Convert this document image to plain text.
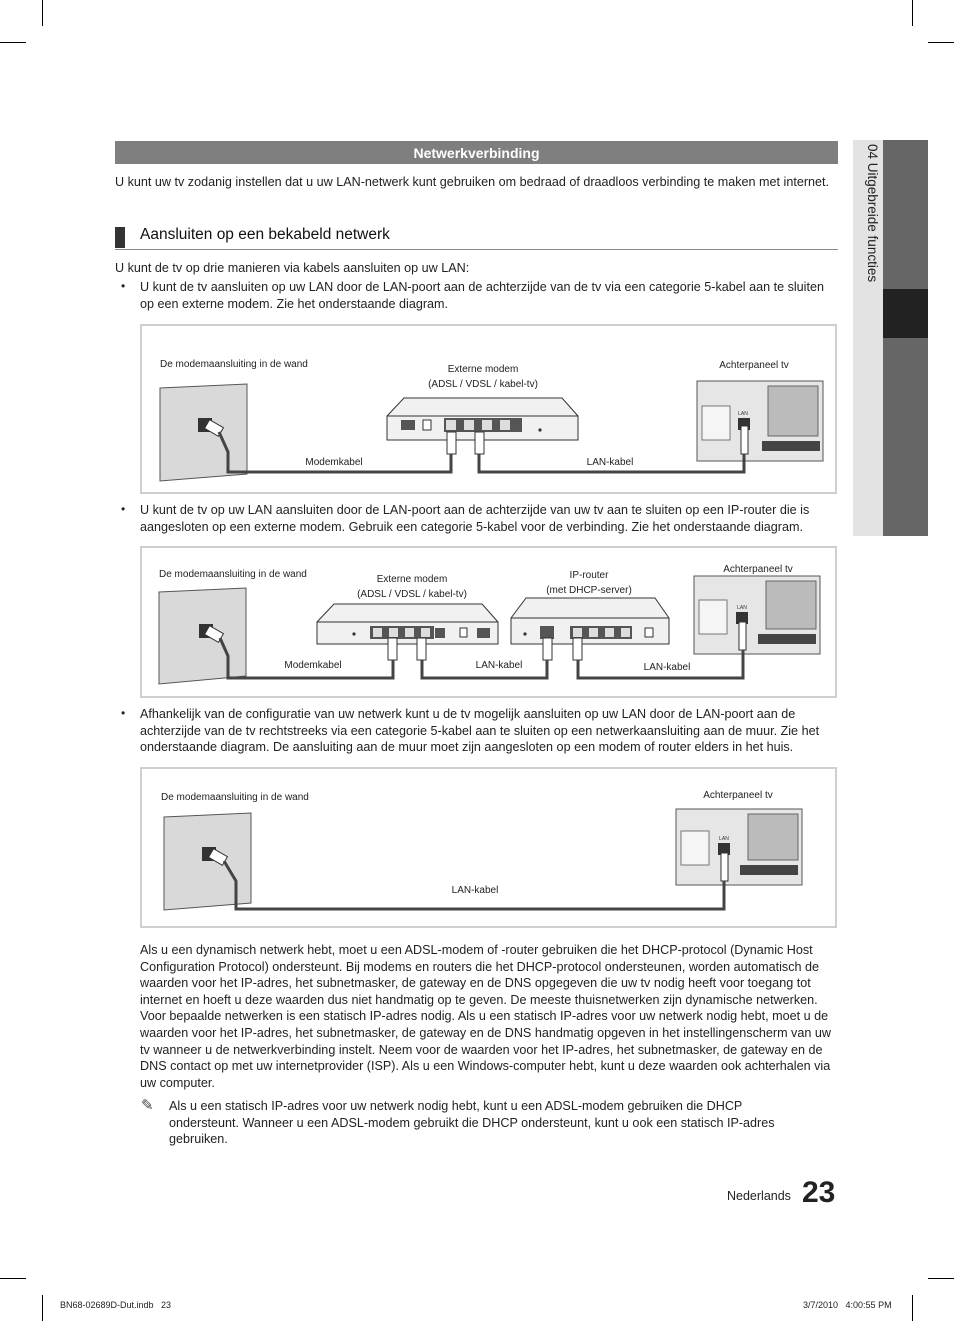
04 Uitgebreide functies
Netwerkverbinding
U kunt uw tv zodanig instellen dat u uw LAN-netwerk kunt gebruiken om bedraad of draadloos verbinding te maken met internet.
Aansluiten op een bekabeld netwerk
U kunt de tv op drie manieren via kabels aansluiten op uw LAN:
• U kunt de tv aansluiten op uw LAN door de LAN-poort aan de achterzijde van de tv via een categorie 5-kabel aan te sluiten op een externe modem. Zie het onderstaande diagram.
De modemaansluiting in de wand	Externe modem
(ADSL / VDSL / kabel-tv)
Achterpaneel tv
Modemkabel	LAN-kabel
LAN
• U kunt de tv op uw LAN aansluiten door de LAN-poort aan de achterzijde van uw tv aan te sluiten op een IP-router die is aangesloten op een externe modem. Gebruik een categorie 5-kabel voor de verbinding. Zie het onderstaande diagram.
De modemaansluiting in de wand	Externe modem
(ADSL / VDSL / kabel-tv)
IP-router
(met DHCP-server)
Achterpaneel tv
Modemkabel	LAN-kabel	LAN-kabel
LAN
• Afhankelijk van de configuratie van uw netwerk kunt u de tv mogelijk aansluiten op uw LAN door de LAN-poort aan de achterzijde van de tv rechtstreeks via een categorie 5-kabel aan te sluiten op een netwerkaansluiting aan de muur. Zie het onderstaande diagram. De aansluiting aan de muur moet zijn aangesloten op een modem of router elders in het huis.
De modemaansluiting in de wand	Achterpaneel tv
LAN-kabel
LAN
Als u een dynamisch netwerk hebt, moet u een ADSL-modem of -router gebruiken die het DHCP-protocol (Dynamic Host Configuration Protocol) ondersteunt. Bij modems en routers die het DHCP-protocol ondersteunen, worden automatisch de waarden voor het IP-adres, het subnetmasker, de gateway en de DNS opgegeven die uw tv nodig heeft voor toegang tot internet en hoeft u deze waarden dus niet handmatig op te geven. De meeste thuisnetwerken zijn dynamische netwerken. Voor bepaalde netwerken is een statisch IP-adres nodig. Als u een statisch IP-adres voor uw netwerk nodig hebt, moet u de waarden voor het IP-adres, het subnetmasker, de gateway en de DNS handmatig opgeven in het instellingenscherm van uw tv wanneer u de netwerkverbinding instelt. Neem voor de waarden voor het IP-adres, het subnetmasker, de gateway en de DNS contact op met uw internetprovider (ISP). Als u een Windows-computer hebt, kunt u deze waarden ook achterhalen via uw computer.
✎ Als u een statisch IP-adres voor uw netwerk nodig hebt, kunt u een ADSL-modem gebruiken die DHCP ondersteunt. Wanneer u een ADSL-modem gebruikt die DHCP ondersteunt, kunt u ook een statisch IP-adres gebruiken.
Nederlands 23
BN68-02689D-Dut.indb   23	3/7/2010   4:00:55 PM
